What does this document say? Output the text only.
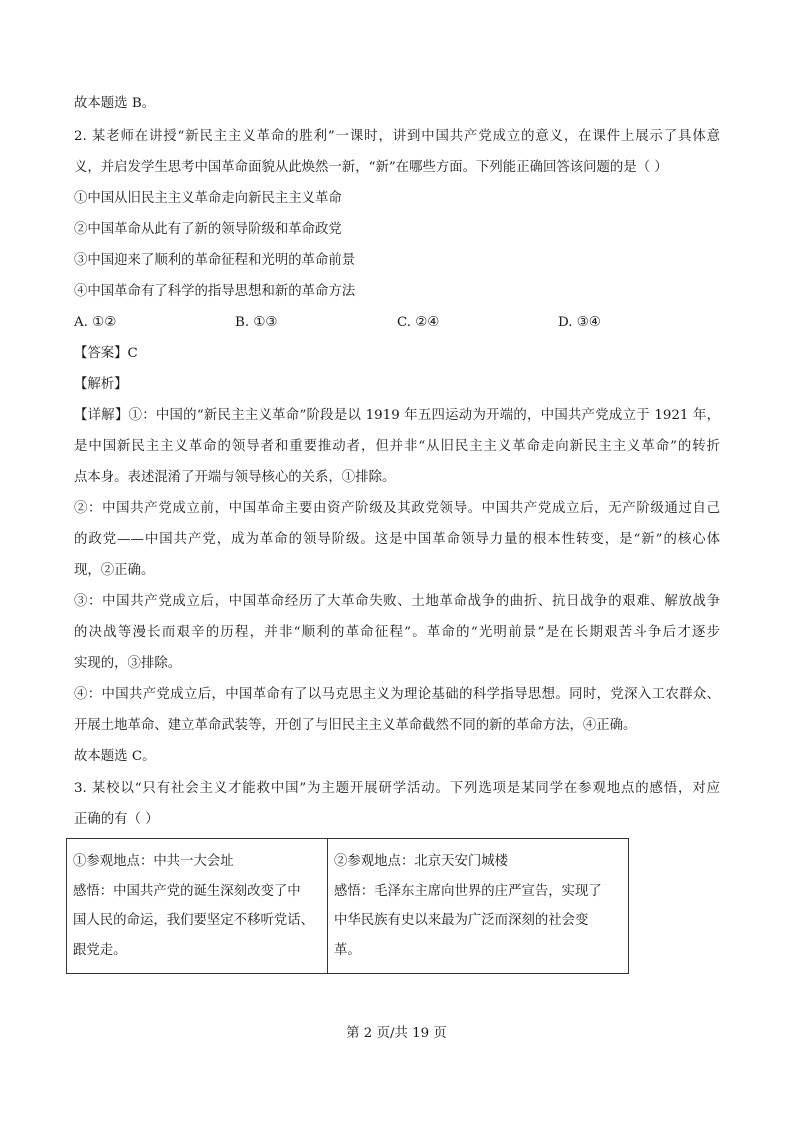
故本题选 B。
2. 某老师在讲授“新民主主义革命的胜利”一课时，讲到中国共产党成立的意义，在课件上展示了具体意
义，并启发学生思考中国革命面貌从此焕然一新，“新”在哪些方面。下列能正确回答该问题的是（ ）
①中国从旧民主主义革命走向新民主主义革命
②中国革命从此有了新的领导阶级和革命政党
③中国迎来了顺利的革命征程和光明的革命前景
④中国革命有了科学的指导思想和新的革命方法
A. ①②	B. ①③	C. ②④	D. ③④
【答案】C
【解析】
【详解】①：中国的“新民主主义革命”阶段是以 1919 年五四运动为开端的，中国共产党成立于 1921 年，
是中国新民主主义革命的领导者和重要推动者，但并非“从旧民主主义革命走向新民主主义革命”的转折
点本身。表述混淆了开端与领导核心的关系，①排除。
②：中国共产党成立前，中国革命主要由资产阶级及其政党领导。中国共产党成立后，无产阶级通过自己
的政党——中国共产党，成为革命的领导阶级。这是中国革命领导力量的根本性转变，是“新”的核心体
现，②正确。
③：中国共产党成立后，中国革命经历了大革命失败、土地革命战争的曲折、抗日战争的艰难、解放战争
的决战等漫长而艰辛的历程，并非“顺利的革命征程”。革命的“光明前景”是在长期艰苦斗争后才逐步
实现的，③排除。
④：中国共产党成立后，中国革命有了以马克思主义为理论基础的科学指导思想。同时，党深入工农群众、
开展土地革命、建立革命武装等，开创了与旧民主主义革命截然不同的新的革命方法，④正确。
故本题选 C。
3. 某校以“只有社会主义才能救中国”为主题开展研学活动。下列选项是某同学在参观地点的感悟，对应
正确的有（ ）
①参观地点：中共一大会址
感悟：中国共产党的诞生深刻改变了中
国人民的命运，我们要坚定不移听党话、
跟党走。

②参观地点：北京天安门城楼
感悟：毛泽东主席向世界的庄严宣告，实现了
中华民族有史以来最为广泛而深刻的社会变
革。
第 2 页/共 19 页
